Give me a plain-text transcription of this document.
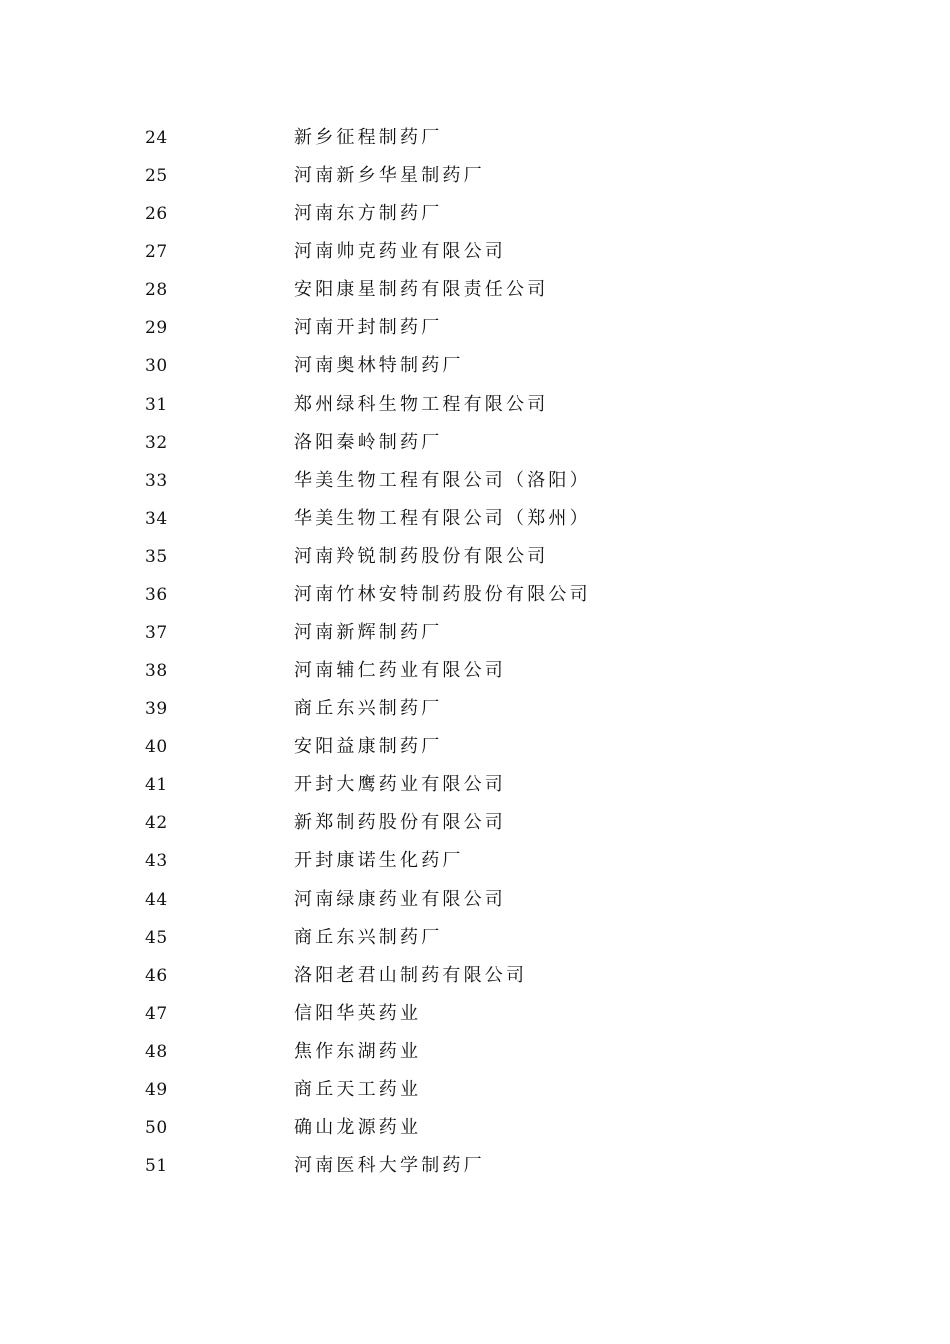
24	新乡征程制药厂
25	河南新乡华星制药厂
26	河南东方制药厂
27	河南帅克药业有限公司
28	安阳康星制药有限责任公司
29	河南开封制药厂
30	河南奥林特制药厂
31	郑州绿科生物工程有限公司
32	洛阳秦岭制药厂
33	华美生物工程有限公司（洛阳）
34	华美生物工程有限公司（郑州）
35	河南羚锐制药股份有限公司
36	河南竹林安特制药股份有限公司
37	河南新辉制药厂
38	河南辅仁药业有限公司
39	商丘东兴制药厂
40	安阳益康制药厂
41	开封大鹰药业有限公司
42	新郑制药股份有限公司
43	开封康诺生化药厂
44	河南绿康药业有限公司
45	商丘东兴制药厂
46	洛阳老君山制药有限公司
47	信阳华英药业
48	焦作东湖药业
49	商丘天工药业
50	确山龙源药业
51	河南医科大学制药厂
